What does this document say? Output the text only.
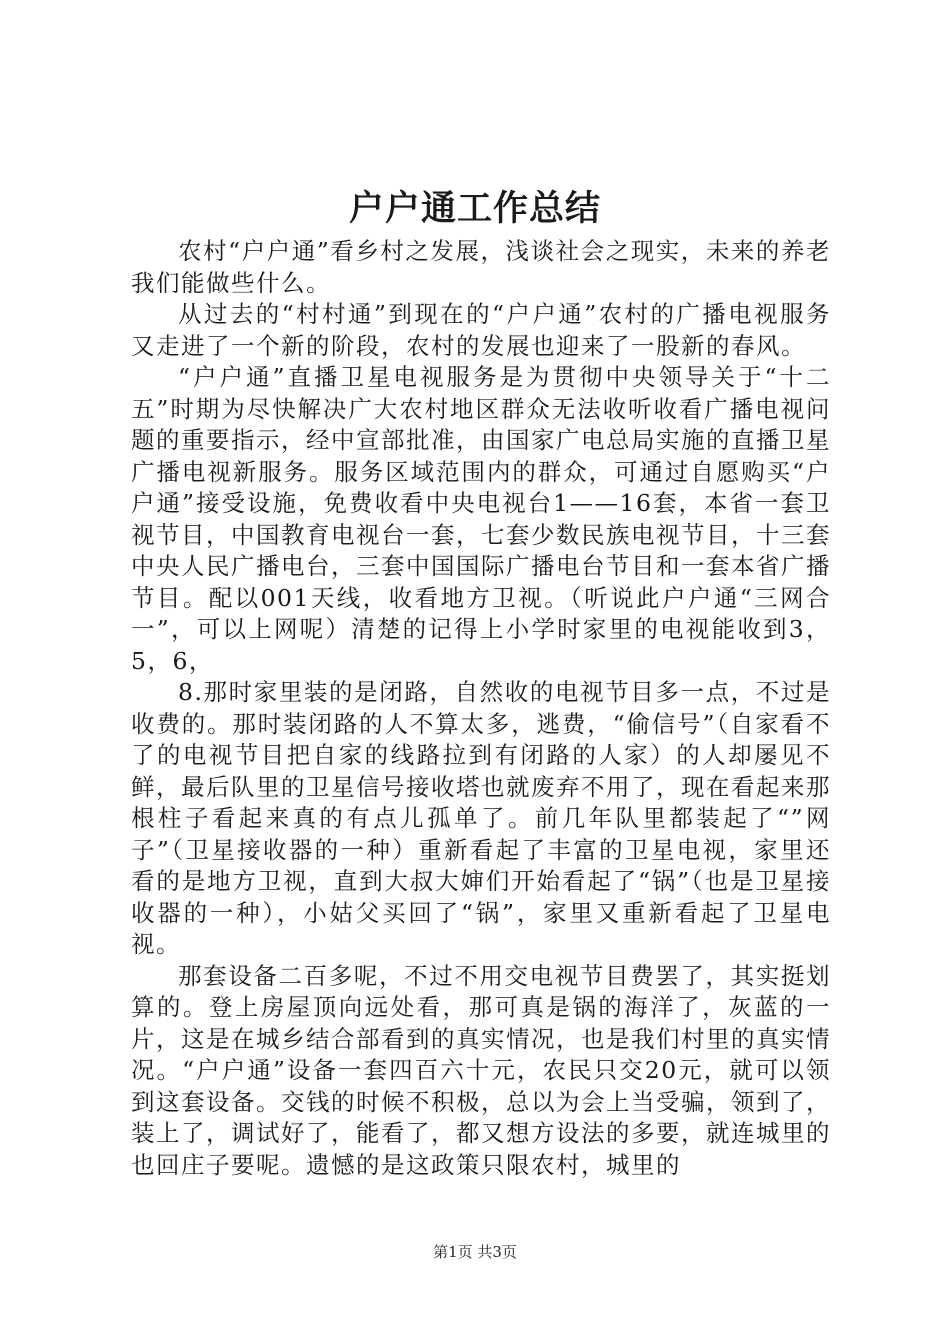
户户通工作总结

农村“户户通”看乡村之发展，浅谈社会之现实，未来的养老我们能做些什么。

从过去的“村村通”到现在的“户户通”农村的广播电视服务又走进了一个新的阶段，农村的发展也迎来了一股新的春风。

“户户通”直播卫星电视服务是为贯彻中央领导关于“十二五”时期为尽快解决广大农村地区群众无法收听收看广播电视问题的重要指示，经中宣部批准，由国家广电总局实施的直播卫星广播电视新服务。服务区域范围内的群众，可通过自愿购买“户户通”接受设施，免费收看中央电视台1——16套，本省一套卫视节目，中国教育电视台一套，七套少数民族电视节目，十三套中央人民广播电台，三套中国国际广播电台节目和一套本省广播节目。配以001天线，收看地方卫视。（听说此户户通“三网合一”，可以上网呢）清楚的记得上小学时家里的电视能收到3，5，6，

8.那时家里装的是闭路，自然收的电视节目多一点，不过是收费的。那时装闭路的人不算太多，逃费，“偷信号”（自家看不了的电视节目把自家的线路拉到有闭路的人家）的人却屡见不鲜，最后队里的卫星信号接收塔也就废弃不用了，现在看起来那根柱子看起来真的有点儿孤单了。前几年队里都装起了“”网子”（卫星接收器的一种）重新看起了丰富的卫星电视，家里还看的是地方卫视，直到大叔大婶们开始看起了“锅”（也是卫星接收器的一种），小姑父买回了“锅”，家里又重新看起了卫星电视。

那套设备二百多呢，不过不用交电视节目费罢了，其实挺划算的。登上房屋顶向远处看，那可真是锅的海洋了，灰蓝的一片，这是在城乡结合部看到的真实情况，也是我们村里的真实情况。“户户通”设备一套四百六十元，农民只交20元，就可以领到这套设备。交钱的时候不积极，总以为会上当受骗，领到了，装上了，调试好了，能看了，都又想方设法的多要，就连城里的也回庄子要呢。遗憾的是这政策只限农村，城里的

第1页 共3页
